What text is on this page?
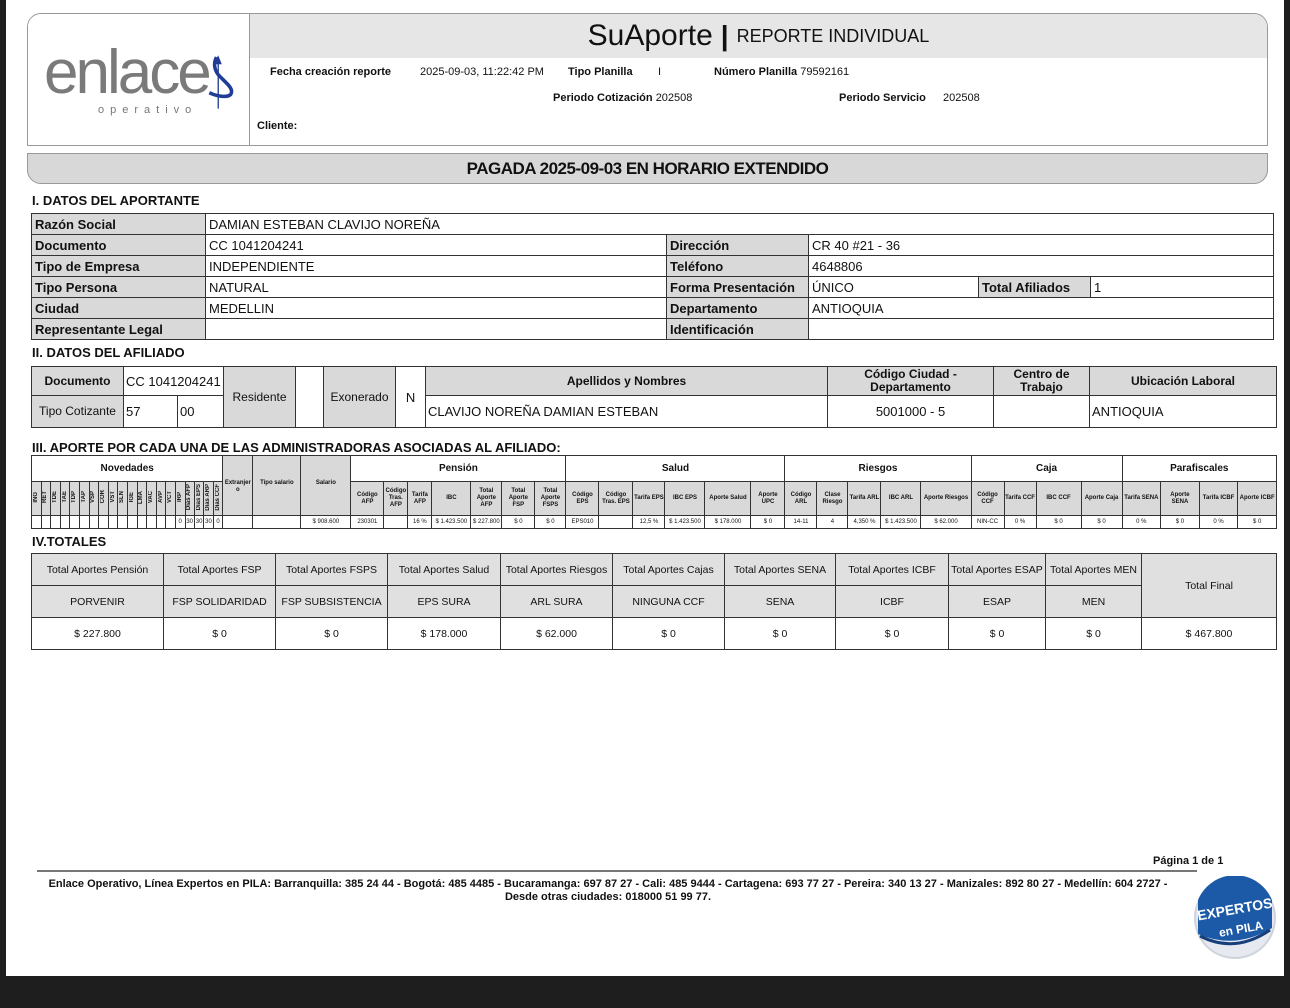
enlace
operativo
SuAporte | REPORTE INDIVIDUAL
Fecha creación reporte	2025-09-03, 11:22:42 PM Tipo Planilla I	Número Planilla 79592161
Periodo Cotización 202508	Periodo Servicio 202508
Cliente:
PAGADA 2025-09-03 EN HORARIO EXTENDIDO
I. DATOS DEL APORTANTE
Razón Social	DAMIAN ESTEBAN CLAVIJO NOREÑA				
Documento	CC 1041204241	Dirección	CR 40 #21 - 36		
Tipo de Empresa	INDEPENDIENTE	Teléfono	4648806		
Tipo Persona	NATURAL	Forma Presentación	ÚNICO	Total Afiliados	1
Ciudad	MEDELLIN	Departamento	ANTIOQUIA		
Representante Legal		Identificación			
II. DATOS DEL AFILIADO
Documento	CC 1041204241		Residente		Exonerado	N	Apellidos y Nombres	Código Ciudad - Departamento	Centro de Trabajo	Ubicación Laboral
Tipo Cotizante	57	00					CLAVIJO NOREÑA DAMIAN ESTEBAN	5001000 - 5		ANTIOQUIA
III. APORTE POR CADA UNA DE LAS ADMINISTRADORAS ASOCIADAS AL AFILIADO:
Novedades																				Extranjero	Tipo salario	Salario	Pensión							Salud						Riesgos					Caja				Parafiscales			
ING	RET	TDE	TAE	TDP	TAP	VSP	COR	VST	SLN	IGE	LMA	VAC	AVP	VCT	IRP	Días AFP	Días EPS	Días ARP	Días CCF				Código AFP	Código Tras. AFP	Tarifa AFP	IBC	Total Aporte AFP	Total Aporte FSP	Total Aporte FSPS	Código EPS	Código Tras. EPS	Tarifa EPS	IBC EPS	Aporte Salud	Aporte UPC	Código ARL	Clase Riesgo	Tarifa ARL	IBC ARL	Aporte Riesgos	Código CCF	Tarifa CCF	IBC CCF	Aporte Caja	Tarifa SENA	Aporte SENA	Tarifa ICBF	Aporte ICBF
															0	30	30	30	0			$ 908.600	230301		16 %	$ 1.423.500	$ 227.800	$ 0	$ 0	EPS010		12,5 %	$ 1.423.500	$ 178.000	$ 0	14-11	4	4,350 %	$ 1.423.500	$ 62.000	NIN-CC	0 %	$ 0	$ 0	0 %	$ 0	0 %	$ 0
IV.TOTALES
Total Aportes Pensión	Total Aportes FSP	Total Aportes FSPS	Total Aportes Salud	Total Aportes Riesgos	Total Aportes Cajas	Total Aportes SENA	Total Aportes ICBF	Total Aportes ESAP	Total Aportes MEN	Total Final
PORVENIR	FSP SOLIDARIDAD	FSP SUBSISTENCIA	EPS SURA	ARL SURA	NINGUNA CCF	SENA	ICBF	ESAP	MEN	
$ 227.800	$ 0	$ 0	$ 178.000	$ 62.000	$ 0	$ 0	$ 0	$ 0	$ 0	$ 467.800
Página 1 de 1
Enlace Operativo, Línea Expertos en PILA: Barranquilla: 385 24 44 - Bogotá: 485 4485 - Bucaramanga: 697 87 27 - Cali: 485 9444 - Cartagena: 693 77 27 - Pereira: 340 13 27 - Manizales: 892 80 27 - Medellín: 604 2727 -
Desde otras ciudades: 018000 51 99 77.	EXPERTOS
en PILA
